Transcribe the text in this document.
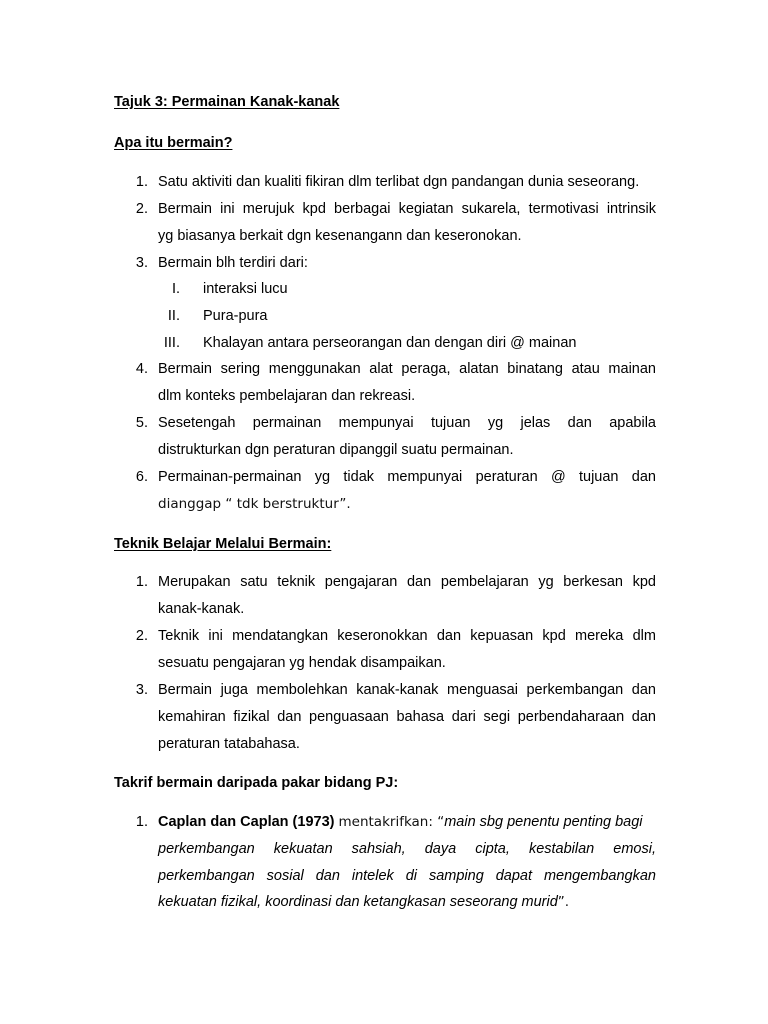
Tajuk 3: Permainan Kanak-kanak
Apa itu bermain?
1. Satu aktiviti dan kualiti fikiran dlm terlibat dgn pandangan dunia seseorang.
2. Bermain ini merujuk kpd berbagai kegiatan sukarela, termotivasi intrinsik
yg biasanya berkait dgn kesenangann dan keseronokan.
3. Bermain blh terdiri dari:
I. interaksi lucu
II. Pura-pura
III. Khalayan antara perseorangan dan dengan diri @ mainan
4. Bermain sering menggunakan alat peraga, alatan binatang atau mainan
dlm konteks pembelajaran dan rekreasi.
5. Sesetengah permainan mempunyai tujuan yg jelas dan apabila
distrukturkan dgn peraturan dipanggil suatu permainan.
6. Permainan-permainan yg tidak mempunyai peraturan @ tujuan dan
dianggap “ tdk berstruktur”.
Teknik Belajar Melalui Bermain:
1. Merupakan satu teknik pengajaran dan pembelajaran yg berkesan kpd
kanak-kanak.
2. Teknik ini mendatangkan keseronokkan dan kepuasan kpd mereka dlm
sesuatu pengajaran yg hendak disampaikan.
3. Bermain juga membolehkan kanak-kanak menguasai perkembangan dan
kemahiran fizikal dan penguasaan bahasa dari segi perbendaharaan dan
peraturan tatabahasa.
Takrif bermain daripada pakar bidang PJ:
1. Caplan dan Caplan (1973) mentakrifkan: “main sbg penentu penting bagi
perkembangan kekuatan sahsiah, daya cipta, kestabilan emosi,
perkembangan sosial dan intelek di samping dapat mengembangkan
kekuatan fizikal, koordinasi dan ketangkasan seseorang murid”.
